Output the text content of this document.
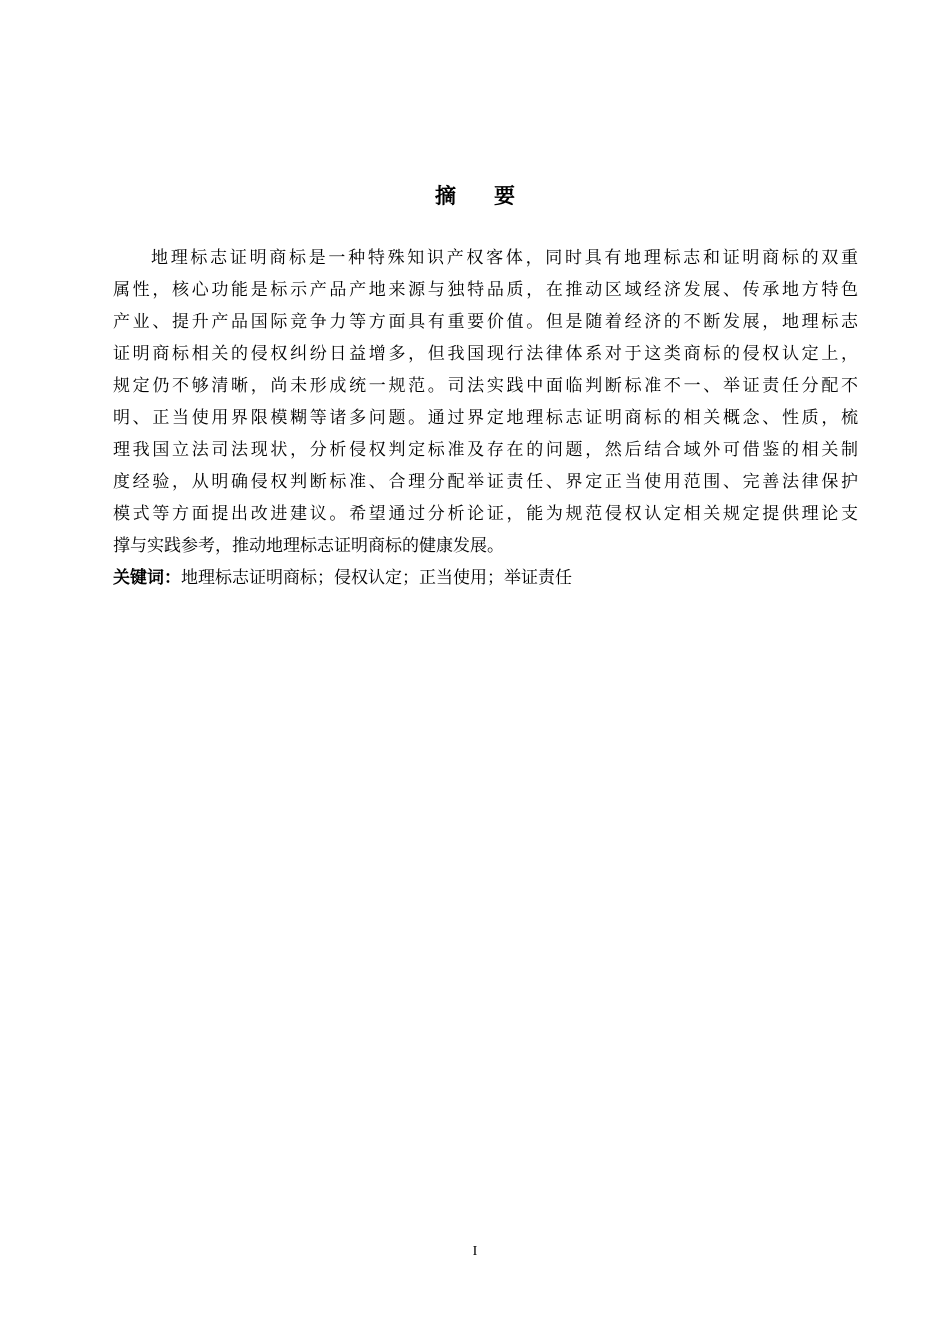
摘 要
地理标志证明商标是一种特殊知识产权客体，同时具有地理标志和证明商标的双重
属性，核心功能是标示产品产地来源与独特品质，在推动区域经济发展、传承地方特色
产业、提升产品国际竞争力等方面具有重要价值。但是随着经济的不断发展，地理标志
证明商标相关的侵权纠纷日益增多，但我国现行法律体系对于这类商标的侵权认定上，
规定仍不够清晰，尚未形成统一规范。司法实践中面临判断标准不一、举证责任分配不
明、正当使用界限模糊等诸多问题。通过界定地理标志证明商标的相关概念、性质，梳
理我国立法司法现状，分析侵权判定标准及存在的问题，然后结合域外可借鉴的相关制
度经验，从明确侵权判断标准、合理分配举证责任、界定正当使用范围、完善法律保护
模式等方面提出改进建议。希望通过分析论证，能为规范侵权认定相关规定提供理论支
撑与实践参考，推动地理标志证明商标的健康发展。
关键词：地理标志证明商标；侵权认定；正当使用；举证责任
I
